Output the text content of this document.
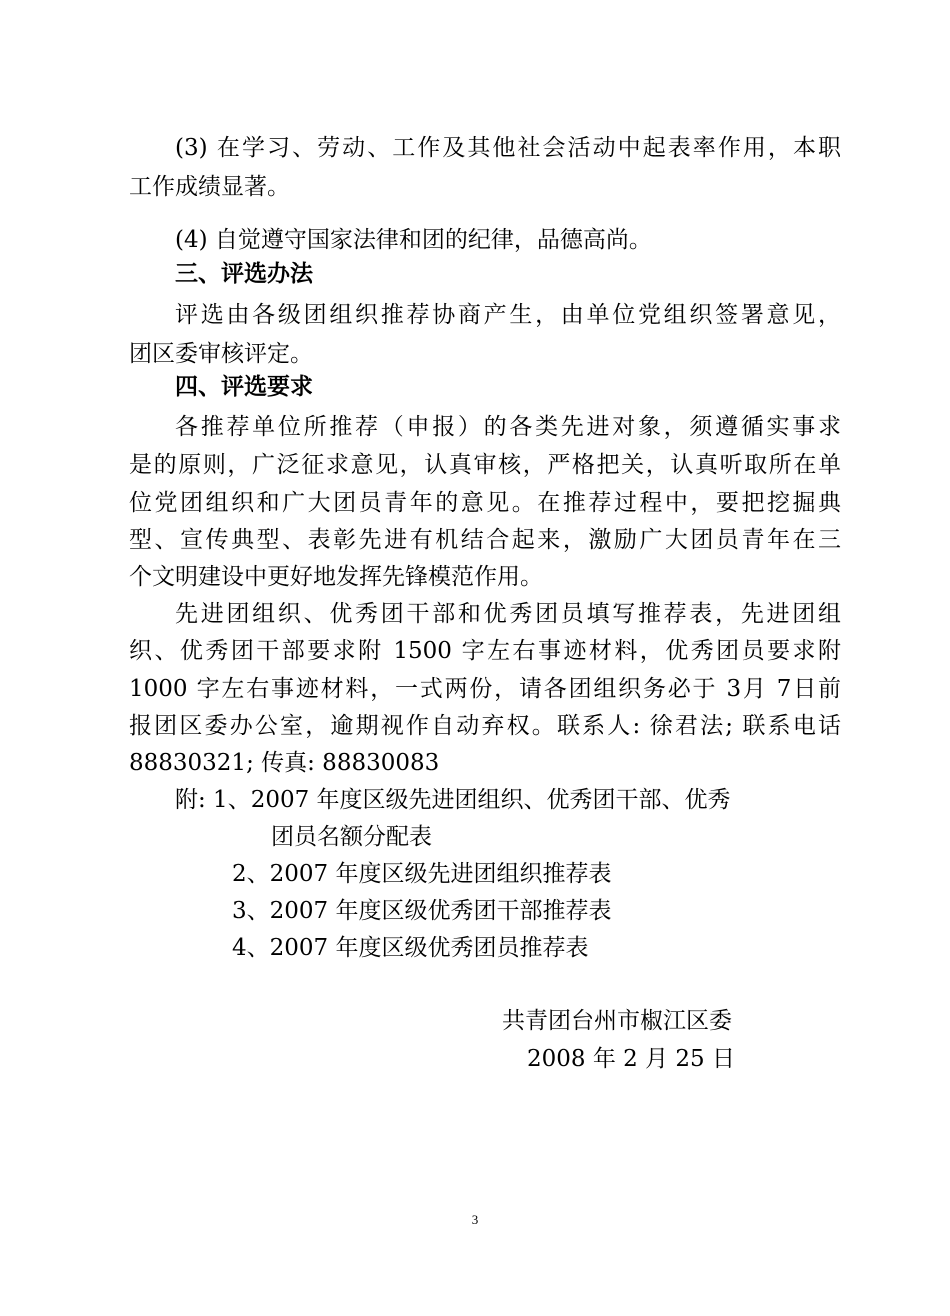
(3) 在学习、劳动、工作及其他社会活动中起表率作用，本职
工作成绩显著。
(4) 自觉遵守国家法律和团的纪律，品德高尚。
三、评选办法
评选由各级团组织推荐协商产生，由单位党组织签署意见，
团区委审核评定。
四、评选要求
各推荐单位所推荐（申报）的各类先进对象，须遵循实事求
是的原则，广泛征求意见，认真审核，严格把关，认真听取所在单
位党团组织和广大团员青年的意见。在推荐过程中，要把挖掘典
型、宣传典型、表彰先进有机结合起来，激励广大团员青年在三
个文明建设中更好地发挥先锋模范作用。
先进团组织、优秀团干部和优秀团员填写推荐表，先进团组
织、优秀团干部要求附 1500 字左右事迹材料，优秀团员要求附
1000 字左右事迹材料，一式两份，请各团组织务必于 3月 7日前
报团区委办公室，逾期视作自动弃权。联系人: 徐君法; 联系电话
88830321; 传真: 88830083
附: 1、2007 年度区级先进团组织、优秀团干部、优秀
团员名额分配表
2、2007 年度区级先进团组织推荐表
3、2007 年度区级优秀团干部推荐表
4、2007 年度区级优秀团员推荐表
共青团台州市椒江区委
2008 年 2 月 25 日
3
